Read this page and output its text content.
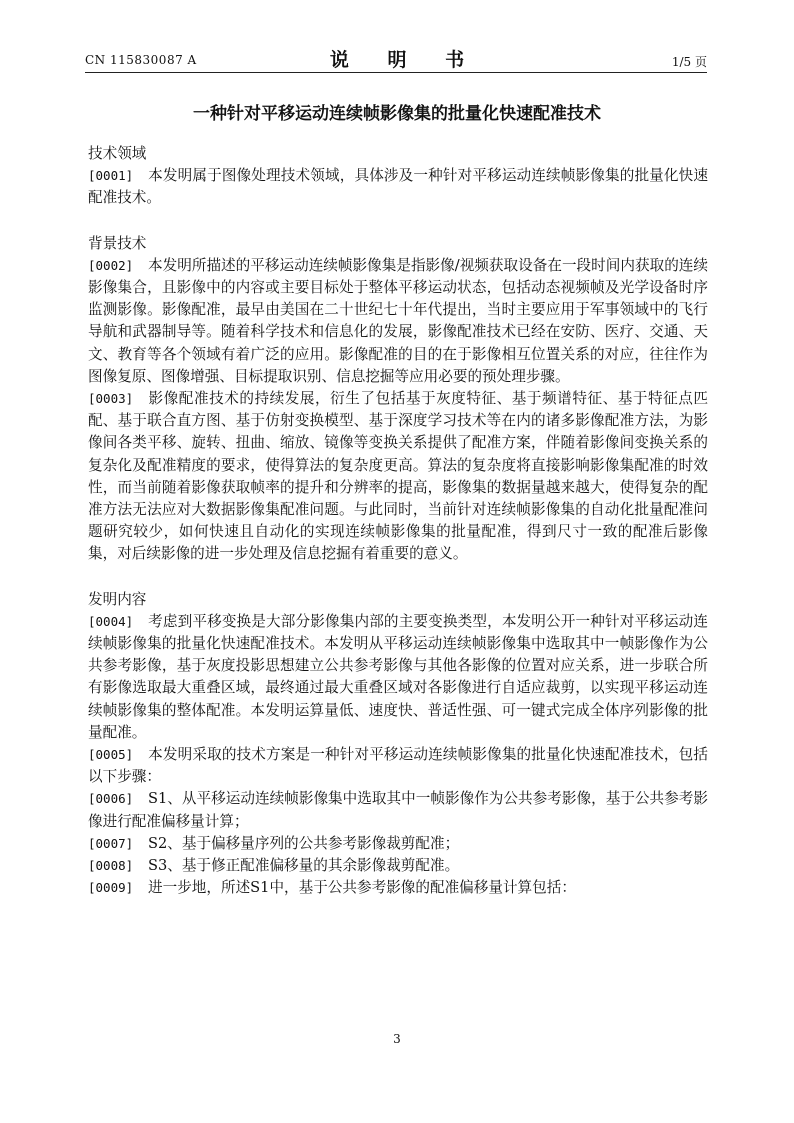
CN 115830087 A	说 明 书	1/5 页
一种针对平移运动连续帧影像集的批量化快速配准技术
技术领域

[0001] 本发明属于图像处理技术领域，具体涉及一种针对平移运动连续帧影像集的批量化快速配准技术。

背景技术

[0002] 本发明所描述的平移运动连续帧影像集是指影像/视频获取设备在一段时间内获取的连续影像集合，且影像中的内容或主要目标处于整体平移运动状态，包括动态视频帧及光学设备时序监测影像。影像配准，最早由美国在二十世纪七十年代提出，当时主要应用于军事领域中的飞行导航和武器制导等。随着科学技术和信息化的发展，影像配准技术已经在安防、医疗、交通、天文、教育等各个领域有着广泛的应用。影像配准的目的在于影像相互位置关系的对应，往往作为图像复原、图像增强、目标提取识别、信息挖掘等应用必要的预处理步骤。

[0003] 影像配准技术的持续发展，衍生了包括基于灰度特征、基于频谱特征、基于特征点匹配、基于联合直方图、基于仿射变换模型、基于深度学习技术等在内的诸多影像配准方法，为影像间各类平移、旋转、扭曲、缩放、镜像等变换关系提供了配准方案，伴随着影像间变换关系的复杂化及配准精度的要求，使得算法的复杂度更高。算法的复杂度将直接影响影像集配准的时效性，而当前随着影像获取帧率的提升和分辨率的提高，影像集的数据量越来越大，使得复杂的配准方法无法应对大数据影像集配准问题。与此同时，当前针对连续帧影像集的自动化批量配准问题研究较少，如何快速且自动化的实现连续帧影像集的批量配准，得到尺寸一致的配准后影像集，对后续影像的进一步处理及信息挖掘有着重要的意义。

发明内容

[0004] 考虑到平移变换是大部分影像集内部的主要变换类型，本发明公开一种针对平移运动连续帧影像集的批量化快速配准技术。本发明从平移运动连续帧影像集中选取其中一帧影像作为公共参考影像，基于灰度投影思想建立公共参考影像与其他各影像的位置对应关系，进一步联合所有影像选取最大重叠区域，最终通过最大重叠区域对各影像进行自适应裁剪，以实现平移运动连续帧影像集的整体配准。本发明运算量低、速度快、普适性强、可一键式完成全体序列影像的批量配准。

[0005] 本发明采取的技术方案是一种针对平移运动连续帧影像集的批量化快速配准技术，包括以下步骤：

[0006] S1、从平移运动连续帧影像集中选取其中一帧影像作为公共参考影像，基于公共参考影像进行配准偏移量计算；

[0007] S2、基于偏移量序列的公共参考影像裁剪配准；

[0008] S3、基于修正配准偏移量的其余影像裁剪配准。

[0009] 进一步地，所述S1中，基于公共参考影像的配准偏移量计算包括：

3
